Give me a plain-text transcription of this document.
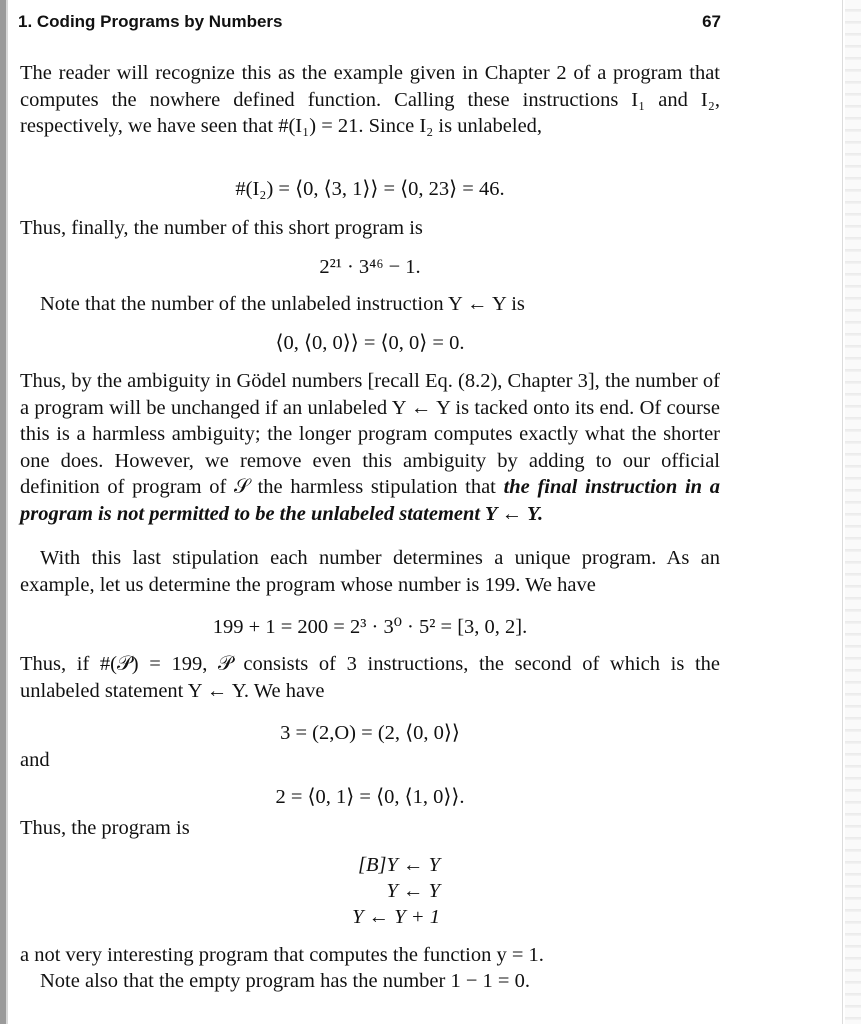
1. Coding Programs by Numbers	67

The reader will recognize this as the example given in Chapter 2 of a program that computes the nowhere defined function. Calling these instructions I₁ and I₂, respectively, we have seen that #(I₁) = 21. Since I₂ is unlabeled,

#(I₂) = ⟨0, ⟨3, 1⟩⟩ = ⟨0, 23⟩ = 46.
Thus, finally, the number of this short program is
2²¹ · 3⁴⁶ − 1.
Note that the number of the unlabeled instruction Y ← Y is
⟨0, ⟨0, 0⟩⟩ = ⟨0, 0⟩ = 0.

Thus, by the ambiguity in Gödel numbers [recall Eq. (8.2), Chapter 3], the number of a program will be unchanged if an unlabeled Y ← Y is tacked onto its end. Of course this is a harmless ambiguity; the longer program computes exactly what the shorter one does. However, we remove even this ambiguity by adding to our official definition of program of 𝒮 the harmless stipulation that the final instruction in a program is not permitted to be the unlabeled statement Y ← Y.

With this last stipulation each number determines a unique program. As an example, let us determine the program whose number is 199. We have

199 + 1 = 200 = 2³ · 3⁰ · 5² = [3, 0, 2].

Thus, if #(𝒫) = 199, 𝒫 consists of 3 instructions, the second of which is the unlabeled statement Y ← Y. We have

3 = (2,O) = (2, ⟨0, 0⟩⟩
and
2 = ⟨0, 1⟩ = ⟨0, ⟨1, 0⟩⟩.
Thus, the program is
[B]Y ← Y
Y ← Y
Y ← Y + 1
a not very interesting program that computes the function y = 1.
Note also that the empty program has the number 1 − 1 = 0.
